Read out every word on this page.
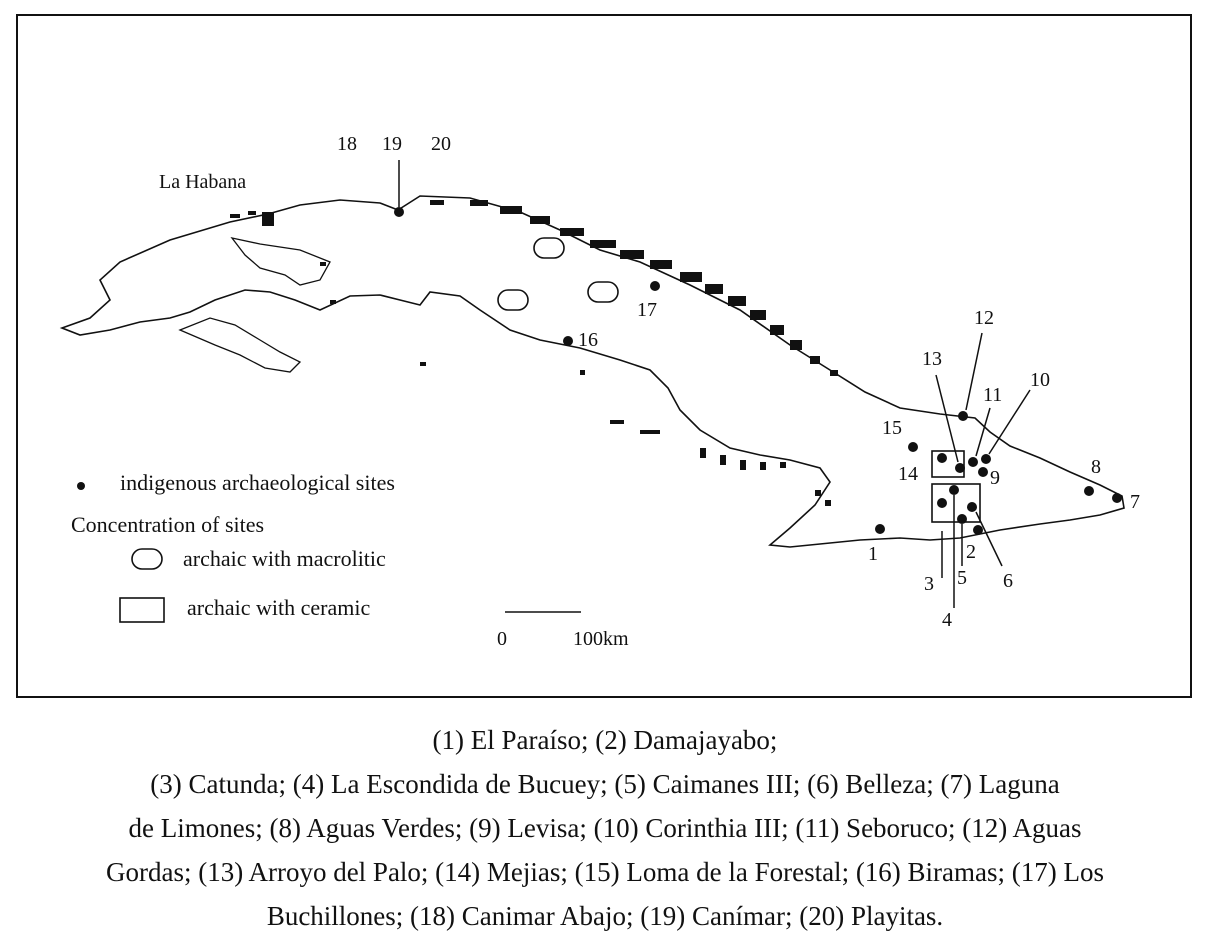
La Habana
1	2
3
4
5 6
7
8
9
10
11
12
13
14
15
16
17
18 19 20
indigenous archaeological sites
Concentration of sites
archaic with macrolitic
archaic with ceramic
0	100km
(1) El Paraíso; (2) Damajayabo;
(3) Catunda; (4) La Escondida de Bucuey; (5) Caimanes III; (6) Belleza; (7) Laguna
de Limones; (8) Aguas Verdes; (9) Levisa; (10) Corinthia III; (11) Seboruco; (12) Aguas
Gordas; (13) Arroyo del Palo; (14) Mejias; (15) Loma de la Forestal; (16) Biramas; (17) Los
Buchillones; (18) Canimar Abajo; (19) Canímar; (20) Playitas.
